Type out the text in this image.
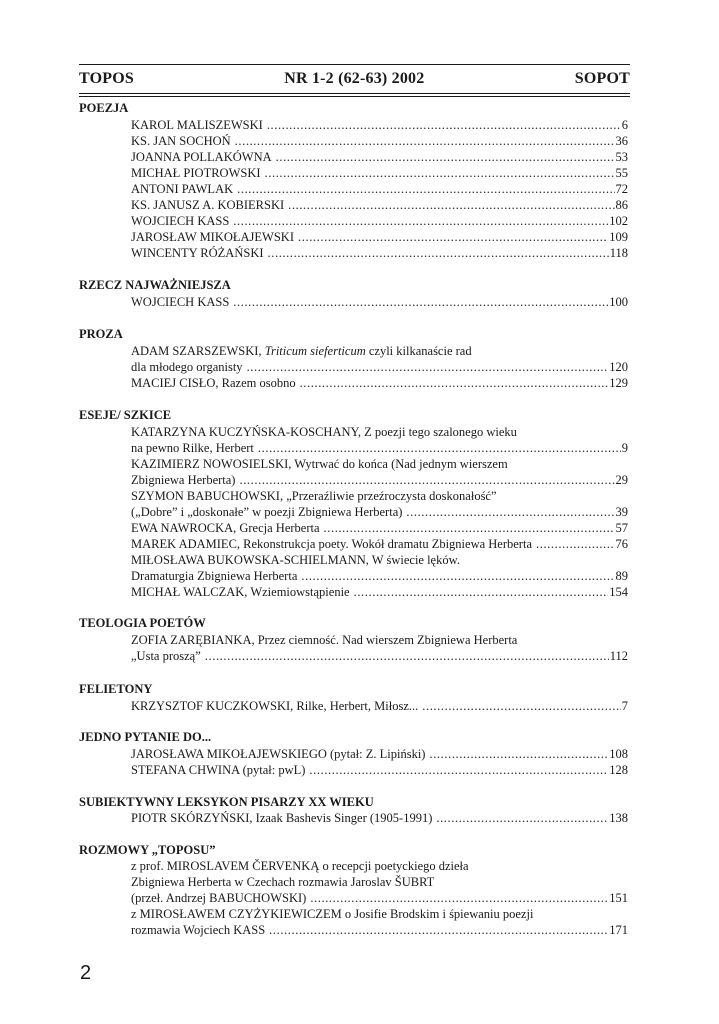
TOPOS	NR 1-2 (62-63) 2002	SOPOT
POEZJA
KAROL MALISZEWSKI .....	6
KS. JAN SOCHOŃ .....	36
JOANNA POLLAKÓWNA .....	53
MICHAŁ PIOTROWSKI .....	55
ANTONI PAWLAK .....	72
KS. JANUSZ A. KOBIERSKI .....	86
WOJCIECH KASS .....	102
JAROSŁAW MIKOŁAJEWSKI .....	109
WINCENTY RÓŻAŃSKI .....	118
RZECZ NAJWAŻNIEJSZA
WOJCIECH KASS .....	100
PROZA
ADAM SZARSZEWSKI, Triticum sieferticum czyli kilkanaście rad
dla młodego organisty .....	120
MACIEJ CISŁO, Razem osobno .....	129
ESEJE/ SZKICE
KATARZYNA KUCZYŃSKA-KOSCHANY, Z poezji tego szalonego wieku
na pewno Rilke, Herbert .....	9
KAZIMIERZ NOWOSIELSKI, Wytrwać do końca (Nad jednym wierszem
Zbigniewa Herberta) .....	29
SZYMON BABUCHOWSKI, „Przeraźliwie przeźroczysta doskonałość”
(„Dobre” i „doskonałe” w poezji Zbigniewa Herberta) .....	39
EWA NAWROCKA, Grecja Herberta .....	57
MAREK ADAMIEC, Rekonstrukcja poety. Wokół dramatu Zbigniewa Herberta .....	76
MIŁOSŁAWA BUKOWSKA-SCHIELMANN, W świecie lęków.
Dramaturgia Zbigniewa Herberta .....	89
MICHAŁ WALCZAK, Wziemiowstąpienie .....	154
TEOLOGIA POETÓW
ZOFIA ZARĘBIANKA, Przez ciemność. Nad wierszem Zbigniewa Herberta
„Usta proszą” .....	112
FELIETONY
KRZYSZTOF KUCZKOWSKI, Rilke, Herbert, Miłosz... .....	7
JEDNO PYTANIE DO...
JAROSŁAWA MIKOŁAJEWSKIEGO (pytał: Z. Lipiński) .....	108
STEFANA CHWINA (pytał: pwL) .....	128
SUBIEKTYWNY LEKSYKON PISARZY XX WIEKU
PIOTR SKÓRZYŃSKI, Izaak Bashevis Singer (1905-1991) .....	138
ROZMOWY „TOPOSU”
z prof. MIROSLAVEM ČERVENKĄ o recepcji poetyckiego dzieła
Zbigniewa Herberta w Czechach rozmawia Jaroslav ŠUBRT
(przeł. Andrzej BABUCHOWSKI) .....	151
z MIROSŁAWEM CZYŻYKIEWICZEM o Josifie Brodskim i śpiewaniu poezji
rozmawia Wojciech KASS .....	171
2
